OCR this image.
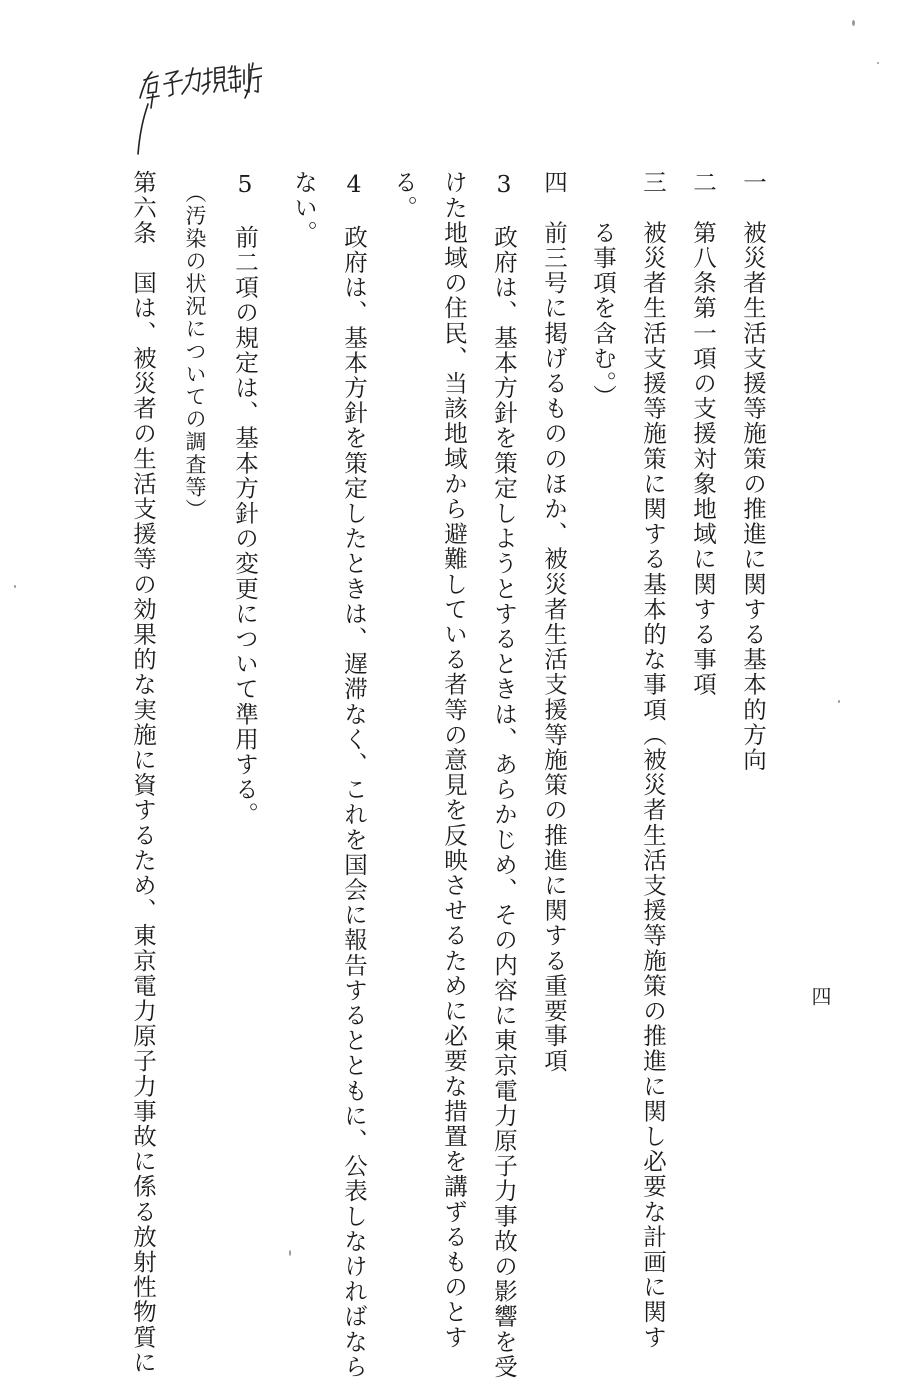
一　被災者生活支援等施策の推進に関する基本的方向
二　第八条第一項の支援対象地域に関する事項
三　被災者生活支援等施策に関する基本的な事項（被災者生活支援等施策の推進に関し必要な計画に関す
　　る事項を含む。）
四　前三号に掲げるもののほか、被災者生活支援等施策の推進に関する重要事項
3　政府は、基本方針を策定しようとするときは、あらかじめ、その内容に東京電力原子力事故の影響を受
けた地域の住民、当該地域から避難している者等の意見を反映させるために必要な措置を講ずるものとす
る。
4　政府は、基本方針を策定したときは、遅滞なく、これを国会に報告するとともに、公表しなければなら
ない。
5　前二項の規定は、基本方針の変更について準用する。
　（汚染の状況についての調査等）
第六条　国は、被災者の生活支援等の効果的な実施に資するため、東京電力原子力事故に係る放射性物質に	四
